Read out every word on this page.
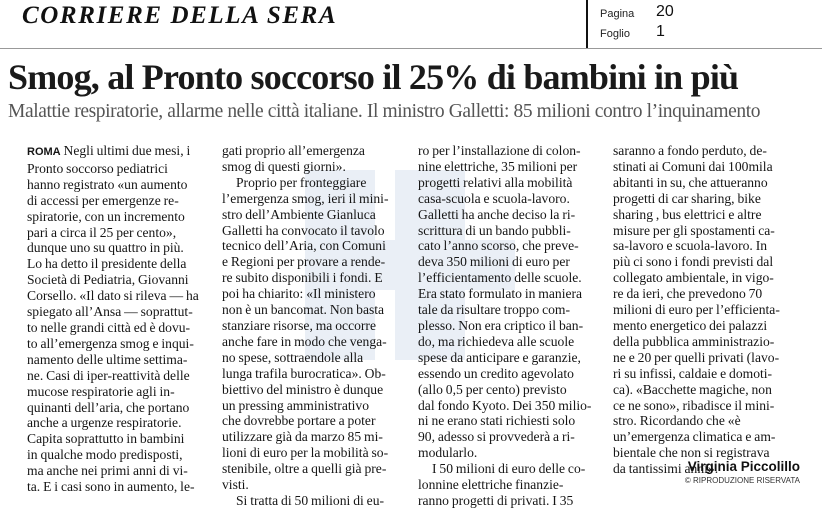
CORRIERE DELLA SERA	Pagina 20
Foglio 1
Smog, al Pronto soccorso il 25% di bambini in più
Malattie respiratorie, allarme nelle città italiane. Il ministro Galletti: 85 milioni contro l’inquinamento
ROMA Negli ultimi due mesi, i
Pronto soccorso pediatrici
hanno registrato «un aumento
di accessi per emergenze re-
spiratorie, con un incremento
pari a circa il 25 per cento»,
dunque uno su quattro in più.
Lo ha detto il presidente della
Società di Pediatria, Giovanni
Corsello. «Il dato si rileva — ha
spiegato all’Ansa — soprattut-
to nelle grandi città ed è dovu-
to all’emergenza smog e inqui-
namento delle ultime settima-
ne. Casi di iper-reattività delle
mucose respiratorie agli in-
quinanti dell’aria, che portano
anche a urgenze respiratorie.
Capita soprattutto in bambini
in qualche modo predisposti,
ma anche nei primi anni di vi-
ta. E i casi sono in aumento, le-
gati proprio all’emergenza
smog di questi giorni».
Proprio per fronteggiare
l’emergenza smog, ieri il mini-
stro dell’Ambiente Gianluca
Galletti ha convocato il tavolo
tecnico dell’Aria, con Comuni
e Regioni per provare a rende-
re subito disponibili i fondi. E
poi ha chiarito: «Il ministero
non è un bancomat. Non basta
stanziare risorse, ma occorre
anche fare in modo che venga-
no spese, sottraendole alla
lunga trafila burocratica». Ob-
biettivo del ministro è dunque
un pressing amministrativo
che dovrebbe portare a poter
utilizzare già da marzo 85 mi-
lioni di euro per la mobilità so-
stenibile, oltre a quelli già pre-
visti.
Si tratta di 50 milioni di eu-
ro per l’installazione di colon-
nine elettriche, 35 milioni per
progetti relativi alla mobilità
casa-scuola e scuola-lavoro.
Galletti ha anche deciso la ri-
scrittura di un bando pubbli-
cato l’anno scorso, che preve-
deva 350 milioni di euro per
l’efficientamento delle scuole.
Era stato formulato in maniera
tale da risultare troppo com-
plesso. Non era criptico il ban-
do, ma richiedeva alle scuole
spese da anticipare e garanzie,
essendo un credito agevolato
(allo 0,5 per cento) previsto
dal fondo Kyoto. Dei 350 milio-
ni ne erano stati richiesti solo
90, adesso si provvederà a ri-
modularlo.
I 50 milioni di euro delle co-
lonnine elettriche finanzie-
ranno progetti di privati. I 35
saranno a fondo perduto, de-
stinati ai Comuni dai 100mila
abitanti in su, che attueranno
progetti di car sharing, bike
sharing , bus elettrici e altre
misure per gli spostamenti ca-
sa-lavoro e scuola-lavoro. In
più ci sono i fondi previsti dal
collegato ambientale, in vigo-
re da ieri, che prevedono 70
milioni di euro per l’efficienta-
mento energetico dei palazzi
della pubblica amministrazio-
ne e 20 per quelli privati (lavo-
ri su infissi, caldaie e domoti-
ca). «Bacchette magiche, non
ce ne sono», ribadisce il mini-
stro. Ricordando che «è
un’emergenza climatica e am-
bientale che non si registrava
da tantissimi anni».
Virginia Piccolillo
© RIPRODUZIONE RISERVATA
